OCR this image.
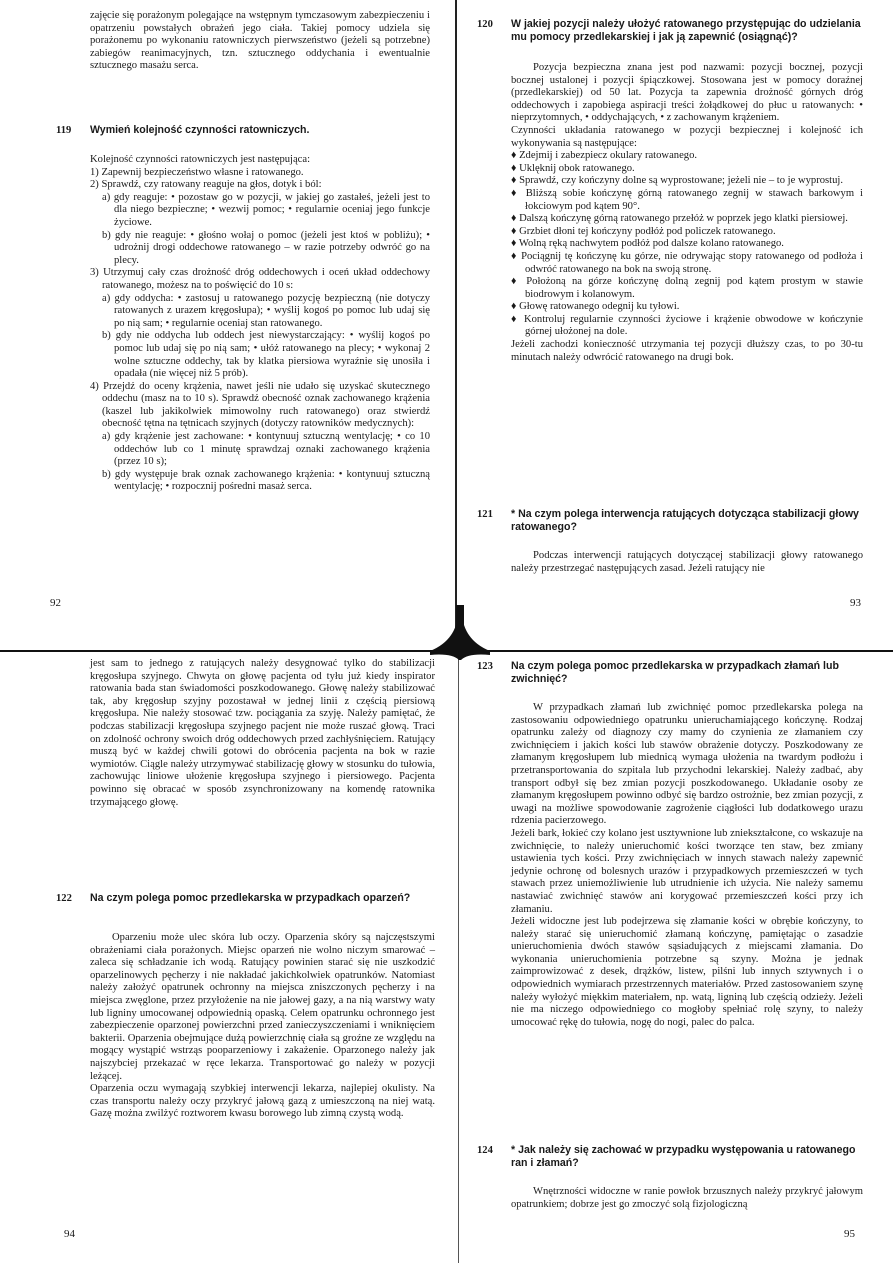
zajęcie się porażonym polegające na wstępnym tymczasowym zabezpieczeniu i opatrzeniu powstałych obrażeń jego ciała. Takiej pomocy udziela się porażonemu po wykonaniu ratowniczych pierwszeństwo (jeżeli są potrzebne) zabiegów reanimacyjnych, tzn. sztucznego oddychania i ewentualnie sztucznego masażu serca.

119	Wymień kolejność czynności ratowniczych.

Kolejność czynności ratowniczych jest następująca:

1) Zapewnij bezpieczeństwo własne i ratowanego.

2) Sprawdź, czy ratowany reaguje na głos, dotyk i ból:

a) gdy reaguje: • pozostaw go w pozycji, w jakiej go zastałeś, jeżeli jest to dla niego bezpieczne; • wezwij pomoc; • regularnie oceniaj jego funkcje życiowe.

b) gdy nie reaguje: • głośno wołaj o pomoc (jeżeli jest ktoś w pobliżu); • udrożnij drogi oddechowe ratowanego – w razie potrzeby odwróć go na plecy.

3) Utrzymuj cały czas drożność dróg oddechowych i oceń układ oddechowy ratowanego, możesz na to poświęcić do 10 s:

a) gdy oddycha: • zastosuj u ratowanego pozycję bezpieczną (nie dotyczy ratowanych z urazem kręgosłupa); • wyślij kogoś po pomoc lub udaj się po nią sam; • regularnie oceniaj stan ratowanego.

b) gdy nie oddycha lub oddech jest niewystarczający: • wyślij kogoś po pomoc lub udaj się po nią sam; • ułóż ratowanego na plecy; • wykonaj 2 wolne sztuczne oddechy, tak by klatka piersiowa wyraźnie się unosiła i opadała (nie więcej niż 5 prób).

4) Przejdź do oceny krążenia, nawet jeśli nie udało się uzyskać skutecznego oddechu (masz na to 10 s). Sprawdź obecność oznak zachowanego krążenia (kaszel lub jakikolwiek mimowolny ruch ratowanego) oraz stwierdź obecność tętna na tętnicach szyjnych (dotyczy ratowników medycznych):

a) gdy krążenie jest zachowane: • kontynuuj sztuczną wentylację; • co 10 oddechów lub co 1 minutę sprawdzaj oznaki zachowanego krążenia (przez 10 s);

b) gdy występuje brak oznak zachowanego krążenia: • kontynuuj sztuczną wentylację; • rozpocznij pośredni masaż serca.

92
120	W jakiej pozycji należy ułożyć ratowanego przystępując do udzielania mu pomocy przedlekarskiej i jak ją zapewnić (osiągnąć)?

Pozycja bezpieczna znana jest pod nazwami: pozycji bocznej, pozycji bocznej ustalonej i pozycji śpiączkowej. Stosowana jest w pomocy doraźnej (przedlekarskiej) od 50 lat. Pozycja ta zapewnia drożność górnych dróg oddechowych i zapobiega aspiracji treści żołądkowej do płuc u ratowanych: • nieprzytomnych, • oddychających, • z zachowanym krążeniem.

Czynności układania ratowanego w pozycji bezpiecznej i kolejność ich wykonywania są następujące:

♦ Zdejmij i zabezpiecz okulary ratowanego.

♦ Uklęknij obok ratowanego.

♦ Sprawdź, czy kończyny dolne są wyprostowane; jeżeli nie – to je wyprostuj.

♦ Bliższą sobie kończynę górną ratowanego zegnij w stawach barkowym i łokciowym pod kątem 90°.

♦ Dalszą kończynę górną ratowanego przełóż w poprzek jego klatki piersiowej.

♦ Grzbiet dłoni tej kończyny podłóż pod policzek ratowanego.

♦ Wolną ręką nachwytem podłóż pod dalsze kolano ratowanego.

♦ Pociągnij tę kończynę ku górze, nie odrywając stopy ratowanego od podłoża i odwróć ratowanego na bok na swoją stronę.

♦ Położoną na górze kończynę dolną zegnij pod kątem prostym w stawie biodrowym i kolanowym.

♦ Głowę ratowanego odegnij ku tyłowi.

♦ Kontroluj regularnie czynności życiowe i krążenie obwodowe w kończynie górnej ułożonej na dole.

Jeżeli zachodzi konieczność utrzymania tej pozycji dłuższy czas, to po 30-tu minutach należy odwrócić ratowanego na drugi bok.

121	* Na czym polega interwencja ratujących dotycząca stabilizacji głowy ratowanego?

Podczas interwencji ratujących dotyczącej stabilizacji głowy ratowanego należy przestrzegać następujących zasad. Jeżeli ratujący nie

93

jest sam to jednego z ratujących należy desygnować tylko do stabilizacji kręgosłupa szyjnego. Chwyta on głowę pacjenta od tyłu już kiedy inspirator ratowania bada stan świadomości poszkodowanego. Głowę należy stabilizować tak, aby kręgosłup szyjny pozostawał w jednej linii z częścią piersiową kręgosłupa. Nie należy stosować tzw. pociągania za szyję. Należy pamiętać, że podczas stabilizacji kręgosłupa szyjnego pacjent nie może ruszać głową. Traci on zdolność ochrony swoich dróg oddechowych przed zachłyśnięciem. Ratujący muszą być w każdej chwili gotowi do obrócenia pacjenta na bok w razie wymiotów. Ciągle należy utrzymywać stabilizację głowy w stosunku do tułowia, zachowując liniowe ułożenie kręgosłupa szyjnego i piersiowego. Pacjenta powinno się obracać w sposób zsynchronizowany na komendę ratownika trzymającego głowę.

122	Na czym polega pomoc przedlekarska w przypadkach oparzeń?

Oparzeniu może ulec skóra lub oczy. Oparzenia skóry są najczęstszymi obrażeniami ciała porażonych. Miejsc oparzeń nie wolno niczym smarować – zaleca się schładzanie ich wodą. Ratujący powinien starać się nie uszkodzić oparzelinowych pęcherzy i nie nakładać jakichkolwiek opatrunków. Natomiast należy założyć opatrunek ochronny na miejsca zniszczonych pęcherzy i na miejsca zwęglone, przez przyłożenie na nie jałowej gazy, a na nią warstwy waty lub ligniny umocowanej odpowiednią opaską. Celem opatrunku ochronnego jest zabezpieczenie oparzonej powierzchni przed zanieczyszczeniami i wniknięciem bakterii. Oparzenia obejmujące dużą powierzchnię ciała są groźne ze względu na mogący wystąpić wstrząs pooparzeniowy i zakażenie. Oparzonego należy jak najszybciej przekazać w ręce lekarza. Transportować go należy w pozycji leżącej.

Oparzenia oczu wymagają szybkiej interwencji lekarza, najlepiej okulisty. Na czas transportu należy oczy przykryć jałową gazą z umieszczoną na niej watą. Gazę można zwilżyć roztworem kwasu borowego lub zimną czystą wodą.

94
123	Na czym polega pomoc przedlekarska w przypadkach złamań lub zwichnięć?

W przypadkach złamań lub zwichnięć pomoc przedlekarska polega na zastosowaniu odpowiedniego opatrunku unieruchamiającego kończynę. Rodzaj opatrunku zależy od diagnozy czy mamy do czynienia ze złamaniem czy zwichnięciem i jakich kości lub stawów obrażenie dotyczy. Poszkodowany ze złamanym kręgosłupem lub miednicą wymaga ułożenia na twardym podłożu i przetransportowania do szpitala lub przychodni lekarskiej. Należy zadbać, aby transport odbył się bez zmian pozycji poszkodowanego. Układanie osoby ze złamanym kręgosłupem powinno odbyć się bardzo ostrożnie, bez zmian pozycji, z uwagi na możliwe spowodowanie zagrożenie ciągłości lub dodatkowego urazu rdzenia pacierzowego.

Jeżeli bark, łokieć czy kolano jest usztywnione lub zniekształcone, co wskazuje na zwichnięcie, to należy unieruchomić kości tworzące ten staw, bez zmiany ustawienia tych kości. Przy zwichnięciach w innych stawach należy zapewnić jedynie ochronę od bolesnych urazów i przypadkowych przemieszczeń w tych stawach przez uniemożliwienie lub utrudnienie ich użycia. Nie należy samemu nastawiać zwichnięć stawów ani korygować przemieszczeń kości przy ich złamaniu.

Jeżeli widoczne jest lub podejrzewa się złamanie kości w obrębie kończyny, to należy starać się unieruchomić złamaną kończynę, pamiętając o zasadzie unieruchomienia dwóch stawów sąsiadujących z miejscami złamania. Do wykonania unieruchomienia potrzebne są szyny. Można je jednak zaimprowizować z desek, drążków, listew, pilśni lub innych sztywnych i o odpowiednich wymiarach przestrzennych materiałów. Przed zastosowaniem szynę należy wyłożyć miękkim materiałem, np. watą, ligniną lub częścią odzieży. Jeżeli nie ma niczego odpowiedniego co mogłoby spełniać rolę szyny, to należy umocować rękę do tułowia, nogę do nogi, palec do palca.

124	* Jak należy się zachować w przypadku występowania u ratowanego ran i złamań?

Wnętrzności widoczne w ranie powłok brzusznych należy przykryć jałowym opatrunkiem; dobrze jest go zmoczyć solą fizjologiczną

95
